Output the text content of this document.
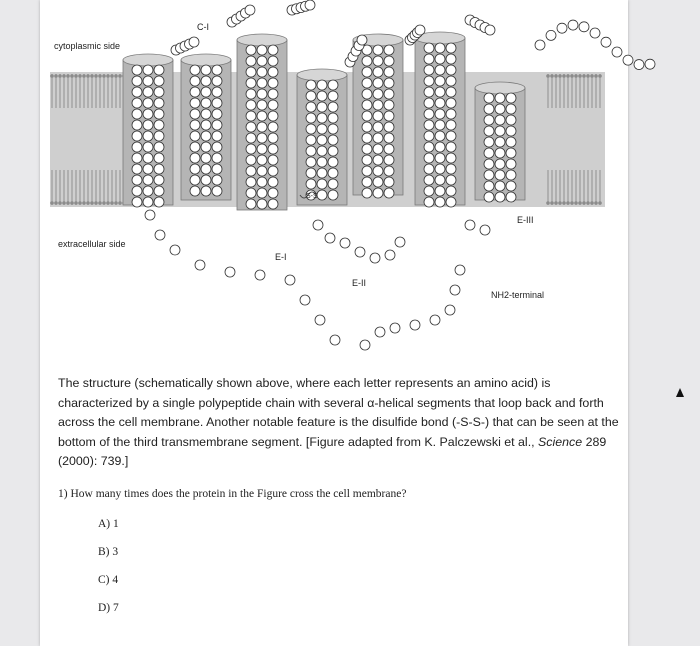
cytoplasmic side
extracellular side
C-I
E-I
E-II
E-III
NH2-terminal
S-S
The structure (schematically shown above, where each letter represents an amino acid) is characterized by a single polypeptide chain with several α-helical segments that loop back and forth across the cell membrane. Another notable feature is the disulfide bond (-S-S-) that can be seen at the bottom of the third transmembrane segment. [Figure adapted from K. Palczewski et al., Science 289 (2000): 739.]
1) How many times does the protein in the Figure cross the cell membrane?
A) 1
B) 3
C) 4
D) 7
